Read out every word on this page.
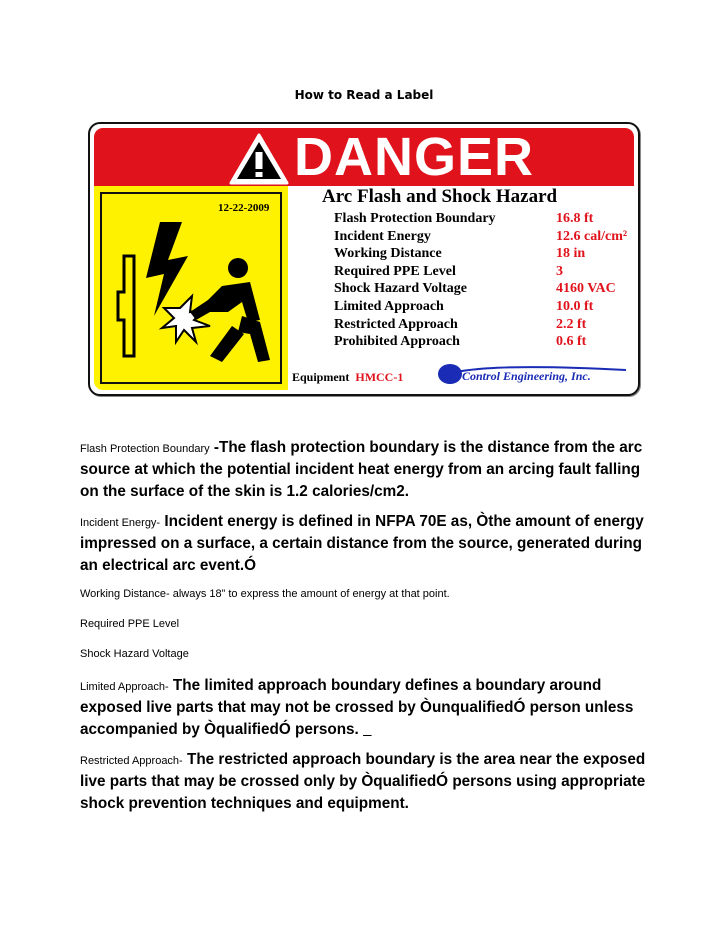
How to Read a Label
DANGER
12-22-2009
Arc Flash and Shock Hazard
Flash Protection Boundary	16.8 ft
Incident Energy	12.6 cal/cm²
Working Distance	18 in
Required PPE Level	3
Shock Hazard Voltage	4160 VAC
Limited Approach	10.0 ft
Restricted Approach	2.2 ft
Prohibited Approach	0.6 ft
Equipment HMCC-1	Control Engineering, Inc.

Flash Protection Boundary -The flash protection boundary is the distance from the arc source at which the potential incident heat energy from an arcing fault falling on the surface of the skin is 1.2 calories/cm2.

Incident Energy- Incident energy is defined in NFPA 70E as, Òthe amount of energy impressed on a surface, a certain distance from the source, generated during an electrical arc event.Ó

Working Distance- always 18” to express the amount of energy at that point.

Required PPE Level

Shock Hazard Voltage

Limited Approach- The limited approach boundary defines a boundary around exposed live parts that may not be crossed by ÒunqualifiedÓ person unless accompanied by ÒqualifiedÓ persons.

Restricted Approach- The restricted approach boundary is the area near the exposed live parts that may be crossed only by ÒqualifiedÓ persons using appropriate shock prevention techniques and equipment.
